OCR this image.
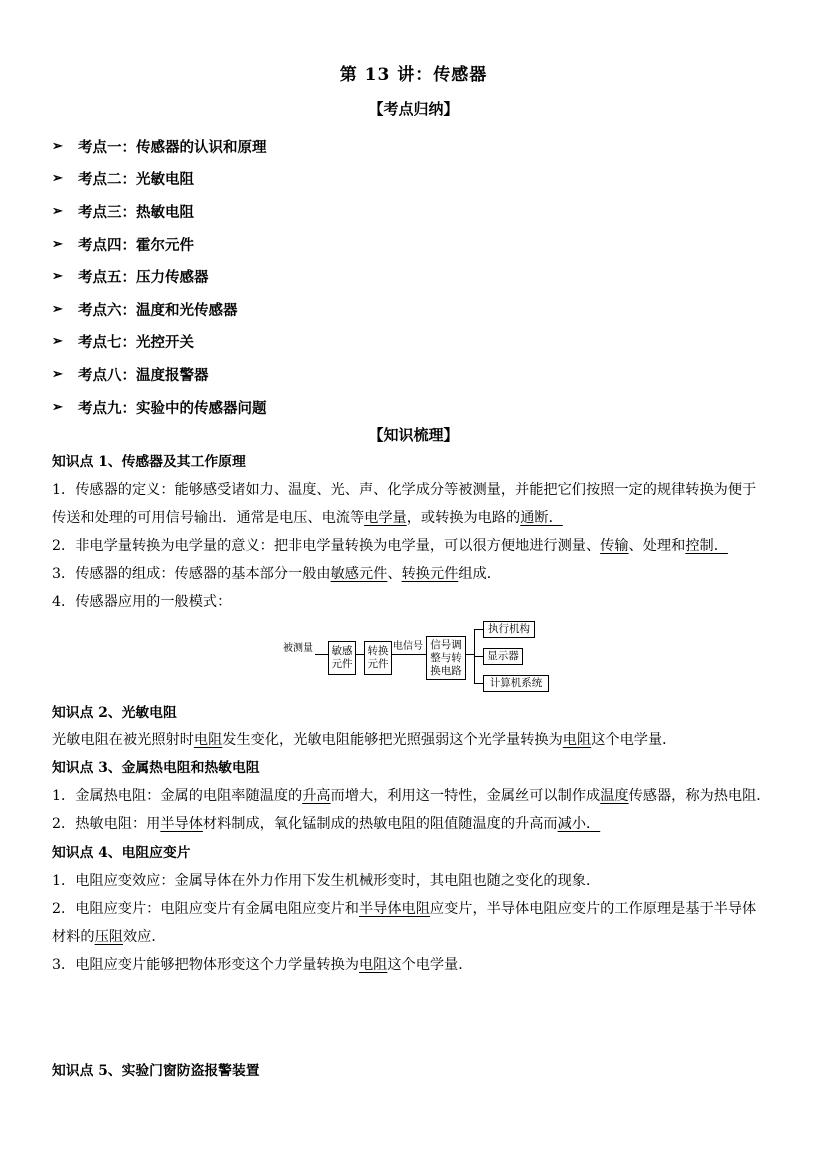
第 13 讲：传感器
【考点归纳】
➢	考点一：传感器的认识和原理
➢	考点二：光敏电阻
➢	考点三：热敏电阻
➢	考点四：霍尔元件
➢	考点五：压力传感器
➢	考点六：温度和光传感器
➢	考点七：光控开关
➢	考点八：温度报警器
➢	考点九：实验中的传感器问题
【知识梳理】
知识点 1、传感器及其工作原理
1．传感器的定义：能够感受诸如力、温度、光、声、化学成分等被测量，并能把它们按照一定的规律转换为便于
传送和处理的可用信号输出．通常是电压、电流等电学量，或转换为电路的通断．
2．非电学量转换为电学量的意义：把非电学量转换为电学量，可以很方便地进行测量、传输、处理和控制．
3．传感器的组成：传感器的基本部分一般由敏感元件、转换元件组成．
4．传感器应用的一般模式：
被测量 敏感
元件
转换
元件
电信号 信号调
整与转
换电路
执行机构
显示器
计算机系统
知识点 2、光敏电阻
光敏电阻在被光照射时电阻发生变化，光敏电阻能够把光照强弱这个光学量转换为电阻这个电学量．
知识点 3、金属热电阻和热敏电阻
1．金属热电阻：金属的电阻率随温度的升高而增大，利用这一特性，金属丝可以制作成温度传感器，称为热电阻．
2．热敏电阻：用半导体材料制成，氧化锰制成的热敏电阻的阻值随温度的升高而减小．
知识点 4、电阻应变片
1．电阻应变效应：金属导体在外力作用下发生机械形变时，其电阻也随之变化的现象．
2．电阻应变片：电阻应变片有金属电阻应变片和半导体电阻应变片，半导体电阻应变片的工作原理是基于半导体
材料的压阻效应．
3．电阻应变片能够把物体形变这个力学量转换为电阻这个电学量．
知识点 5、实验门窗防盗报警装置
